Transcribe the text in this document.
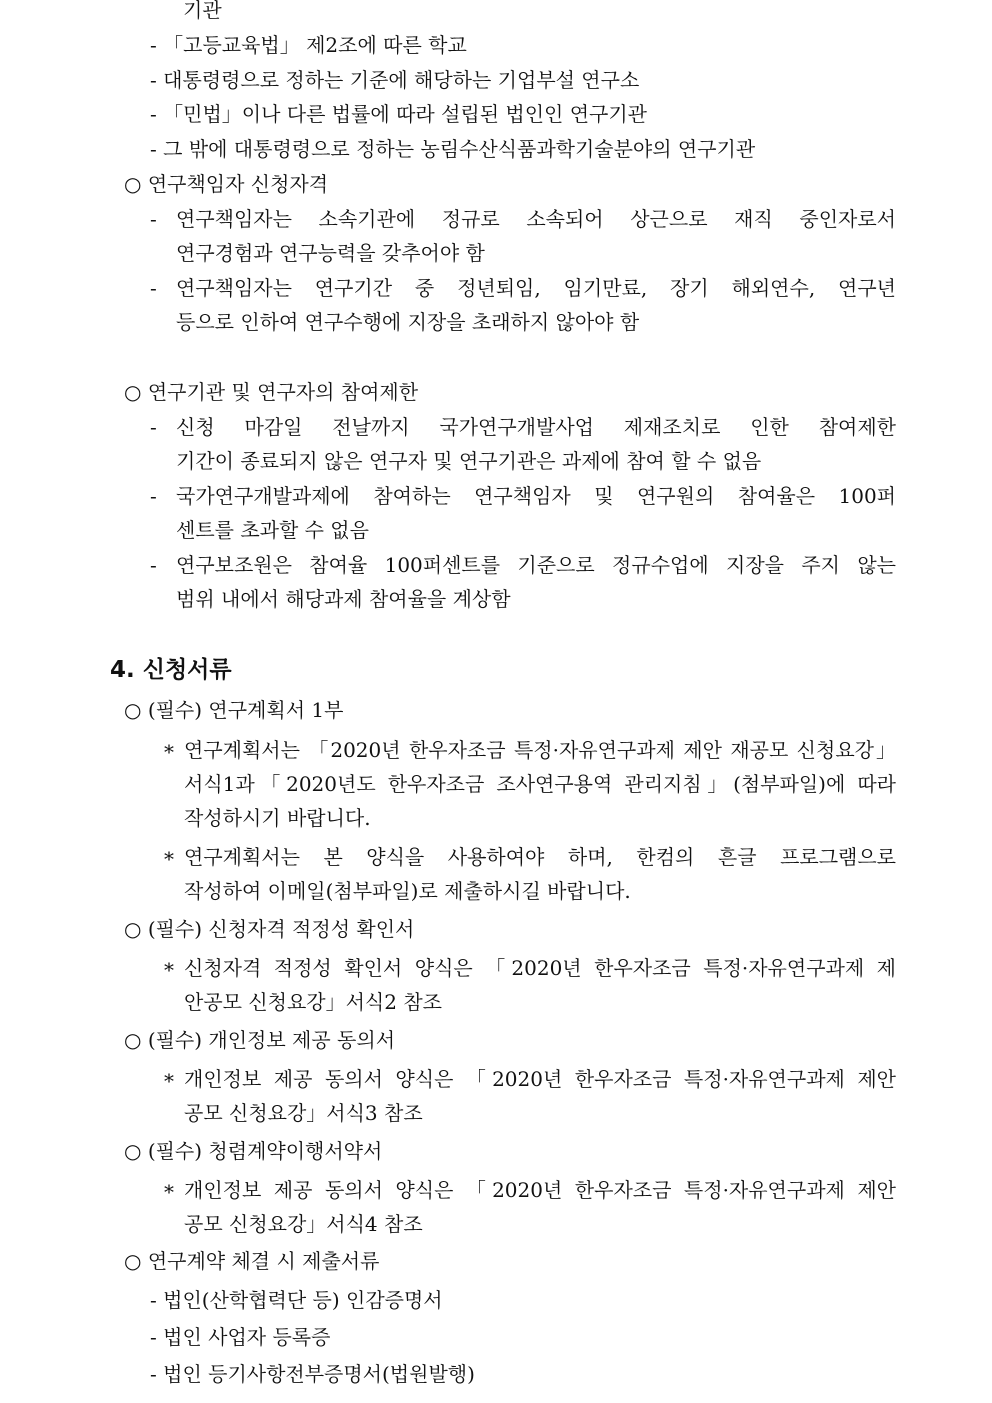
기관
- 「고등교육법」 제2조에 따른 학교
- 대통령령으로 정하는 기준에 해당하는 기업부설 연구소
- 「민법」이나 다른 법률에 따라 설립된 법인인 연구기관
- 그 밖에 대통령령으로 정하는 농림수산식품과학기술분야의 연구기관
○ 연구책임자 신청자격
- 연구책임자는 소속기관에 정규로 소속되어 상근으로 재직 중인자로서
연구경험과 연구능력을 갖추어야 함
- 연구책임자는 연구기간 중 정년퇴임, 임기만료, 장기 해외연수, 연구년
등으로 인하여 연구수행에 지장을 초래하지 않아야 함
○ 연구기관 및 연구자의 참여제한
- 신청 마감일 전날까지 국가연구개발사업 제재조치로 인한 참여제한
기간이 종료되지 않은 연구자 및 연구기관은 과제에 참여 할 수 없음
- 국가연구개발과제에 참여하는 연구책임자 및 연구원의 참여율은 100퍼
센트를 초과할 수 없음
- 연구보조원은 참여율 100퍼센트를 기준으로 정규수업에 지장을 주지 않는
범위 내에서 해당과제 참여율을 계상함
4. 신청서류
○ (필수) 연구계획서 1부
* 연구계획서는 「2020년 한우자조금 특정·자유연구과제 제안 재공모 신청요강」
서식1과「2020년도 한우자조금 조사연구용역 관리지침」(첨부파일)에 따라
작성하시기 바랍니다.
* 연구계획서는 본 양식을 사용하여야 하며, 한컴의 흔글 프로그램으로
작성하여 이메일(첨부파일)로 제출하시길 바랍니다.
○ (필수) 신청자격 적정성 확인서
* 신청자격 적정성 확인서 양식은 「2020년 한우자조금 특정·자유연구과제 제
안공모 신청요강」서식2 참조
○ (필수) 개인정보 제공 동의서
* 개인정보 제공 동의서 양식은 「2020년 한우자조금 특정·자유연구과제 제안
공모 신청요강」서식3 참조
○ (필수) 청렴계약이행서약서
* 개인정보 제공 동의서 양식은 「2020년 한우자조금 특정·자유연구과제 제안
공모 신청요강」서식4 참조
○ 연구계약 체결 시 제출서류
- 법인(산학협력단 등) 인감증명서
- 법인 사업자 등록증
- 법인 등기사항전부증명서(법원발행)
